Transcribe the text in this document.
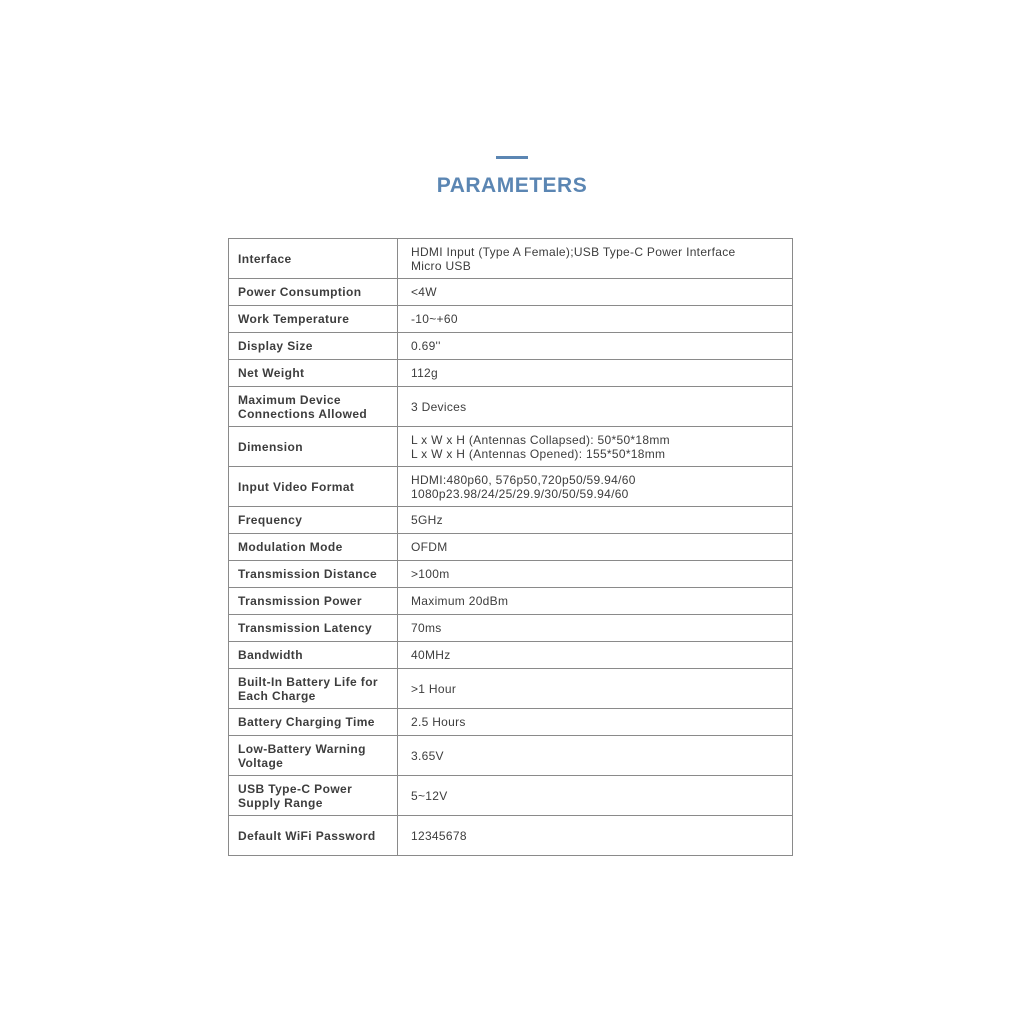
PARAMETERS
Interface	HDMI Input (Type A Female);USB Type-C Power Interface
Micro USB

Power Consumption	<4W

Work Temperature	-10~+60

Display Size	0.69''

Net Weight	112g

Maximum Device Connections Allowed	3 Devices

Dimension	L x W x H (Antennas Collapsed): 50*50*18mm
L x W x H (Antennas Opened): 155*50*18mm

Input Video Format	HDMI:480p60, 576p50,720p50/59.94/60
1080p23.98/24/25/29.9/30/50/59.94/60

Frequency	5GHz

Modulation Mode	OFDM

Transmission Distance	>100m

Transmission Power	Maximum 20dBm

Transmission Latency	70ms

Bandwidth	40MHz

Built-In Battery Life for Each Charge	>1 Hour

Battery Charging Time	2.5 Hours

Low-Battery Warning Voltage	3.65V

USB Type-C Power Supply Range	5~12V

Default WiFi Password	12345678
